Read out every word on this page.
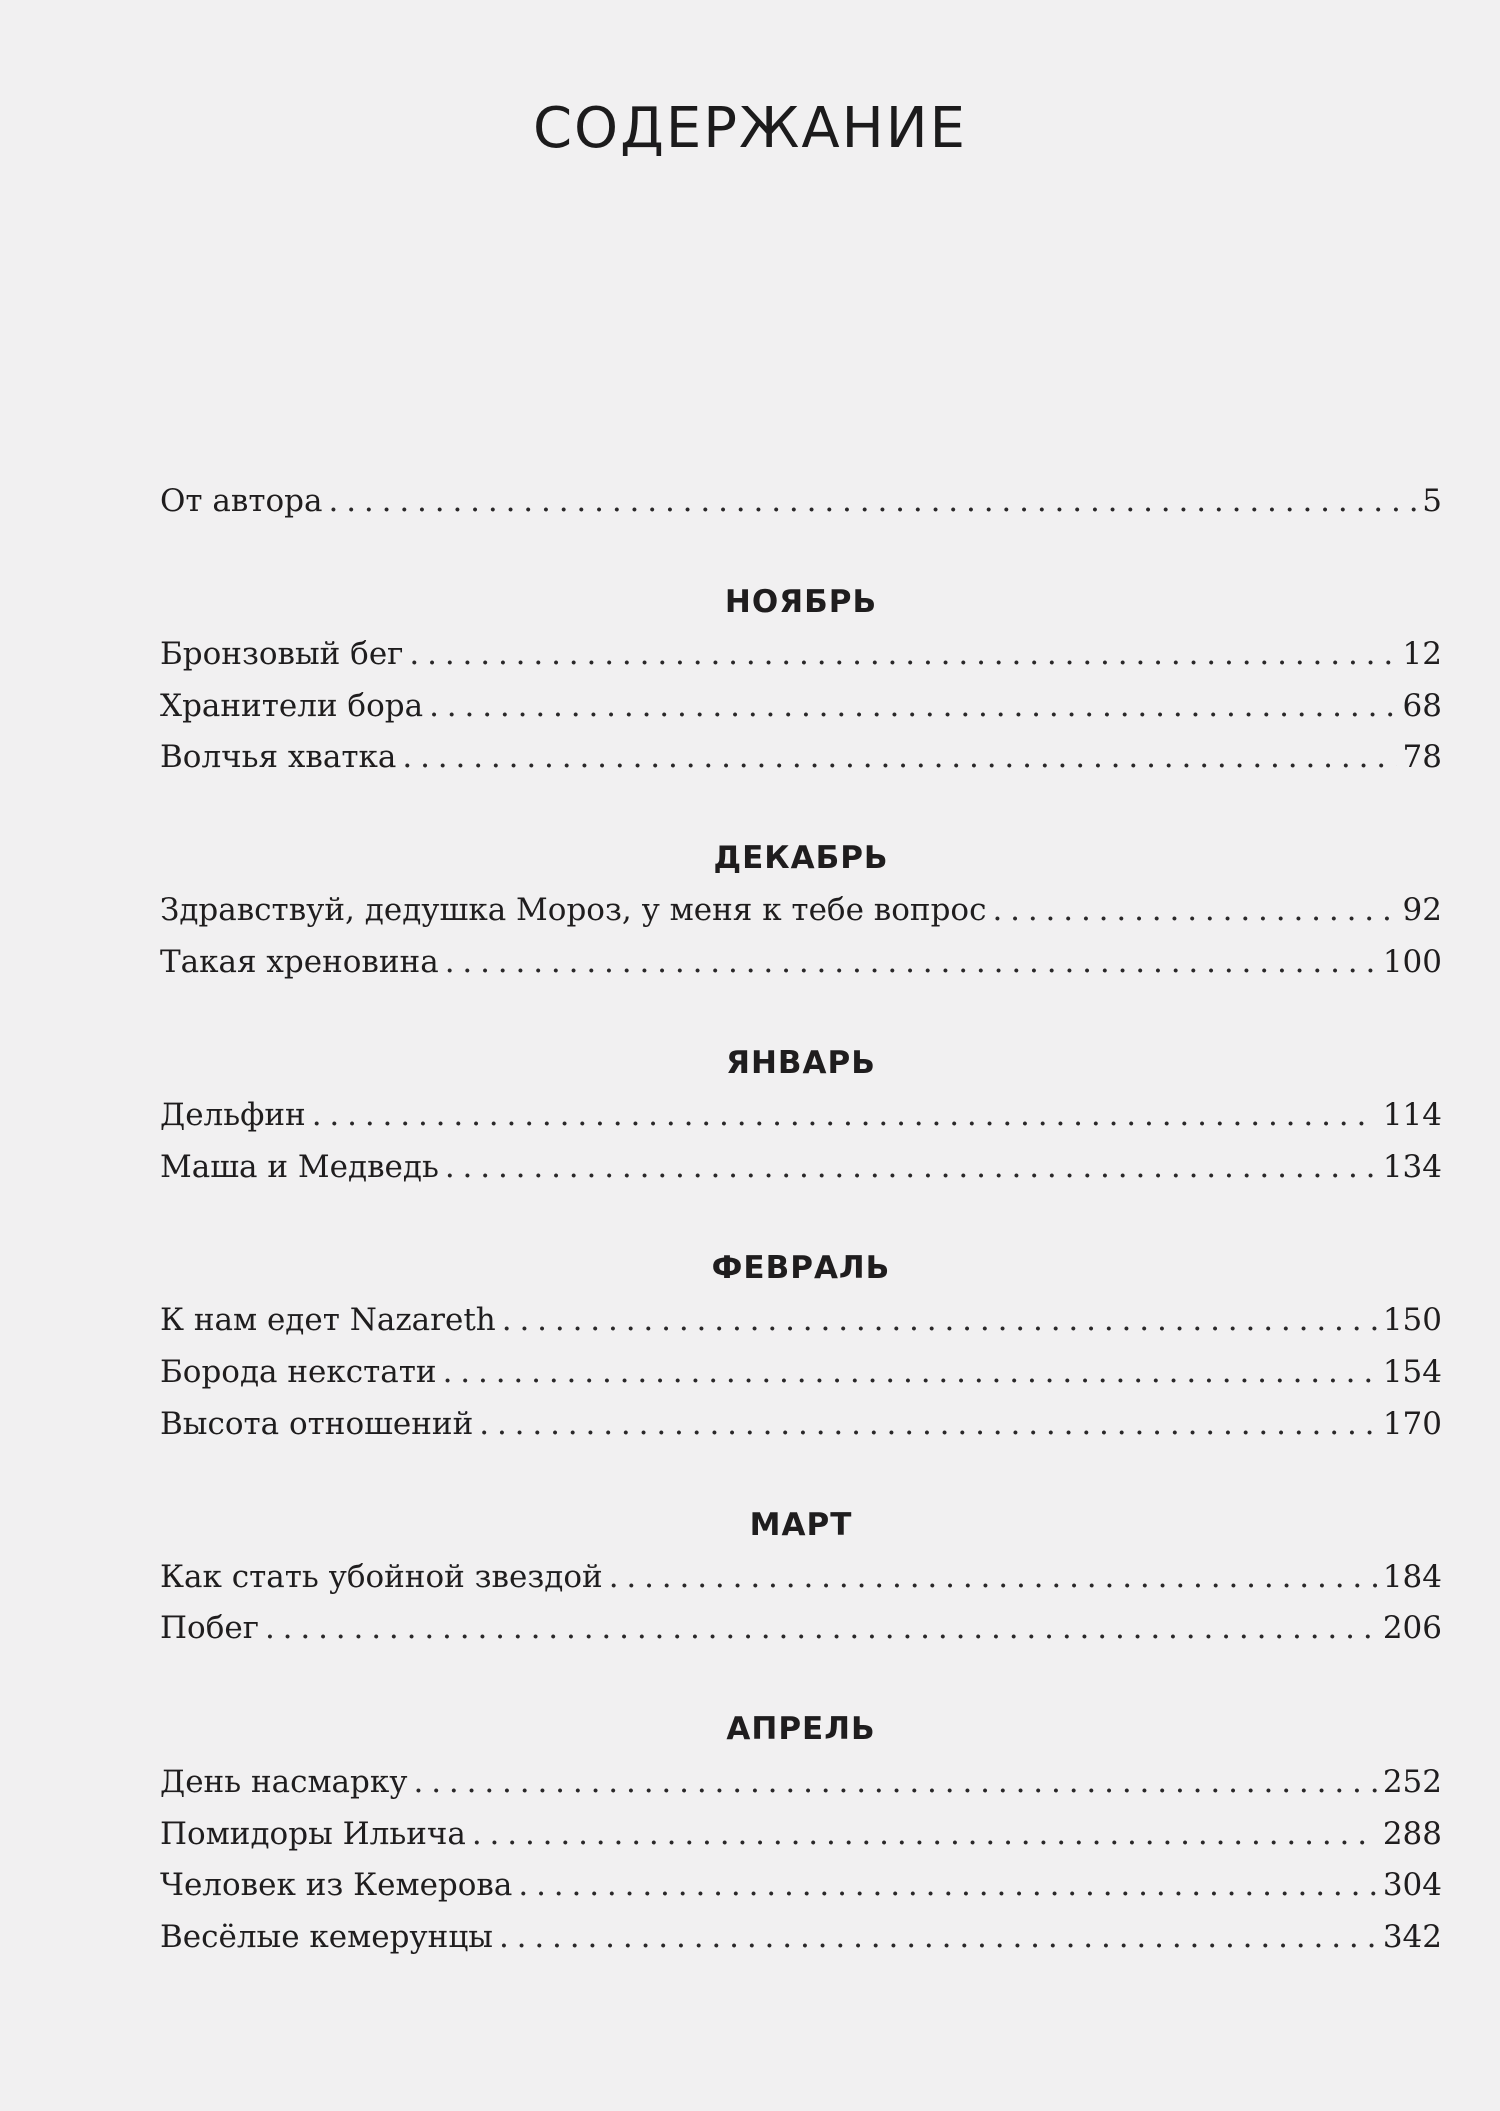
СОДЕРЖАНИЕ
От автора . . .	5
НОЯБРЬ
Бронзовый бег . . .	12
Хранители бора . . .	68
Волчья хватка . . .	78
ДЕКАБРЬ
Здравствуй, дедушка Мороз, у меня к тебе вопрос . . .	92
Такая хреновина . . .	100
ЯНВАРЬ
Дельфин . . .	114
Маша и Медведь . . .	134
ФЕВРАЛЬ
К нам едет Nazareth . . .	150
Борода некстати . . .	154
Высота отношений . . .	170
МАРТ
Как стать убойной звездой . . .	184
Побег . . .	206
АПРЕЛЬ
День насмарку . . .	252
Помидоры Ильича . . .	288
Человек из Кемерова . . .	304
Весёлые кемерунцы . . .	342
